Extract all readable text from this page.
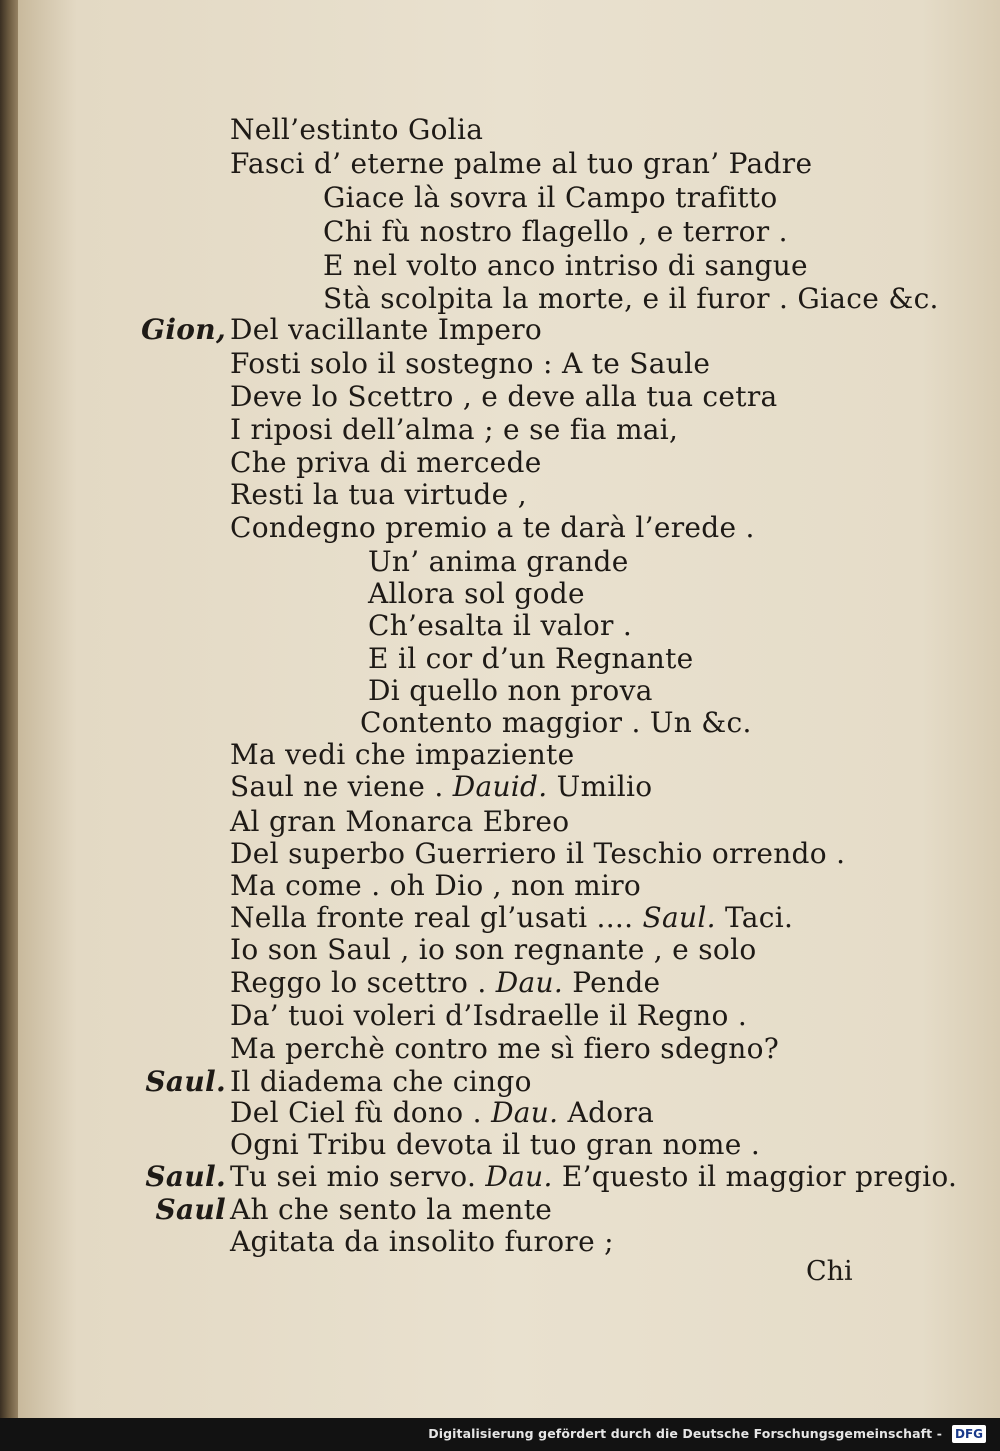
Nell’estinto Golia
Fasci d’ eterne palme al tuo gran’ Padre
Giace là sovra il Campo trafitto
Chi fù nostro flagello , e terror .
E nel volto anco intriso di sangue
Stà scolpita la morte, e il furor . Giace &c.
Gion, Del vacillante Impero
Fosti solo il sostegno : A te Saule
Deve lo Scettro , e deve alla tua cetra
I riposi dell’alma ; e se fia mai,
Che priva di mercede
Resti la tua virtude ,
Condegno premio a te darà l’erede .
Un’ anima grande
Allora sol gode
Ch’esalta il valor .
E il cor d’un Regnante
Di quello non prova
Contento maggior . Un &c.
Ma vedi che impaziente
Saul ne viene . Dauid. Umilio
Al gran Monarca Ebreo
Del superbo Guerriero il Teschio orrendo .
Ma come . oh Dio , non miro
Nella fronte real gl’usati .... Saul. Taci.
Io son Saul , io son regnante , e solo
Reggo lo scettro . Dau. Pende
Da’ tuoi voleri d’Isdraelle il Regno .
Ma perchè contro me sì fiero sdegno?
Saul. Il diadema che cingo
Del Ciel fù dono . Dau. Adora
Ogni Tribu devota il tuo gran nome .
Saul. Tu sei mio servo. Dau. E’questo il maggior pregio.
Saul Ah che sento la mente
Agitata da insolito furore ;
Chi
Digitalisierung gefördert durch die Deutsche Forschungsgemeinschaft - DFG
